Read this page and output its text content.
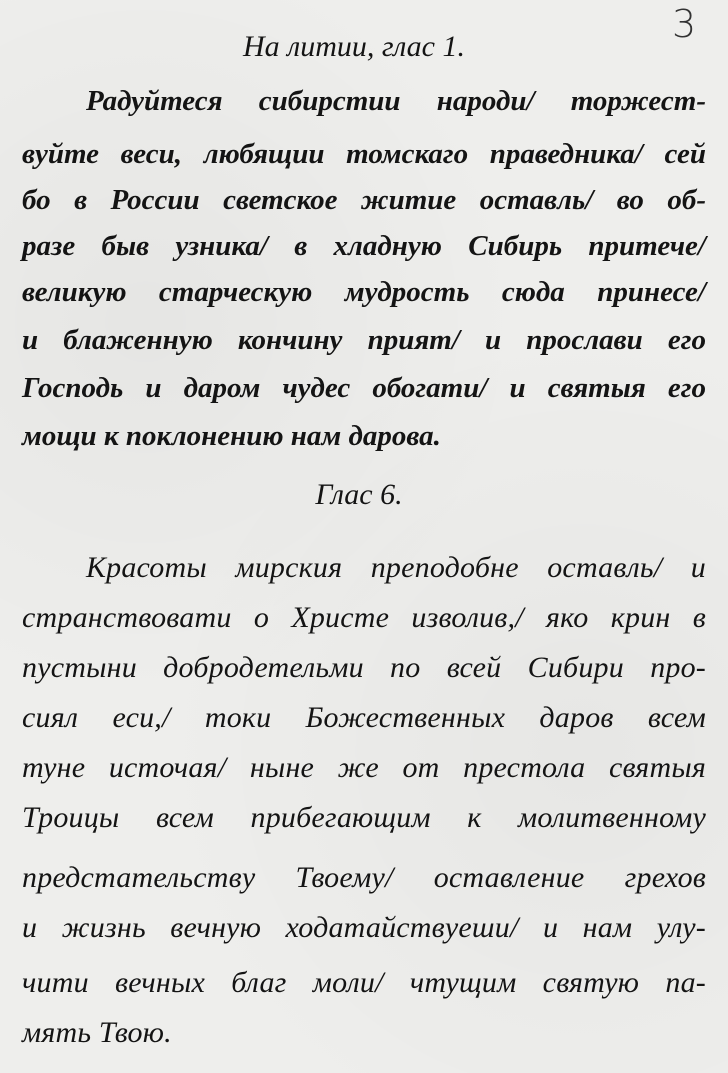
3
На литии, глас 1.
Радуйтеся сибирстии народи/ торжест-
вуйте веси, любящии томскаго праведника/ сей
бо в России светское житие оставль/ во об-
разе быв узника/ в хладную Сибирь притече/
великую старческую мудрость сюда принесе/
и блаженную кончину прият/ и прослави его
Господь и даром чудес обогати/ и святыя его
мощи к поклонению нам дарова.
Глас 6.
Красоты мирския преподобне оставль/ и
странствовати о Христе изволив,/ яко крин в
пустыни добродетельми по всей Сибири про-
сиял еси,/ токи Божественных даров всем
туне источая/ ныне же от престола святыя
Троицы всем прибегающим к молитвенному
предстательству Твоему/ оставление грехов
и жизнь вечную ходатайствуеши/ и нам улу-
чити вечных благ моли/ чтущим святую па-
мять Твою.
